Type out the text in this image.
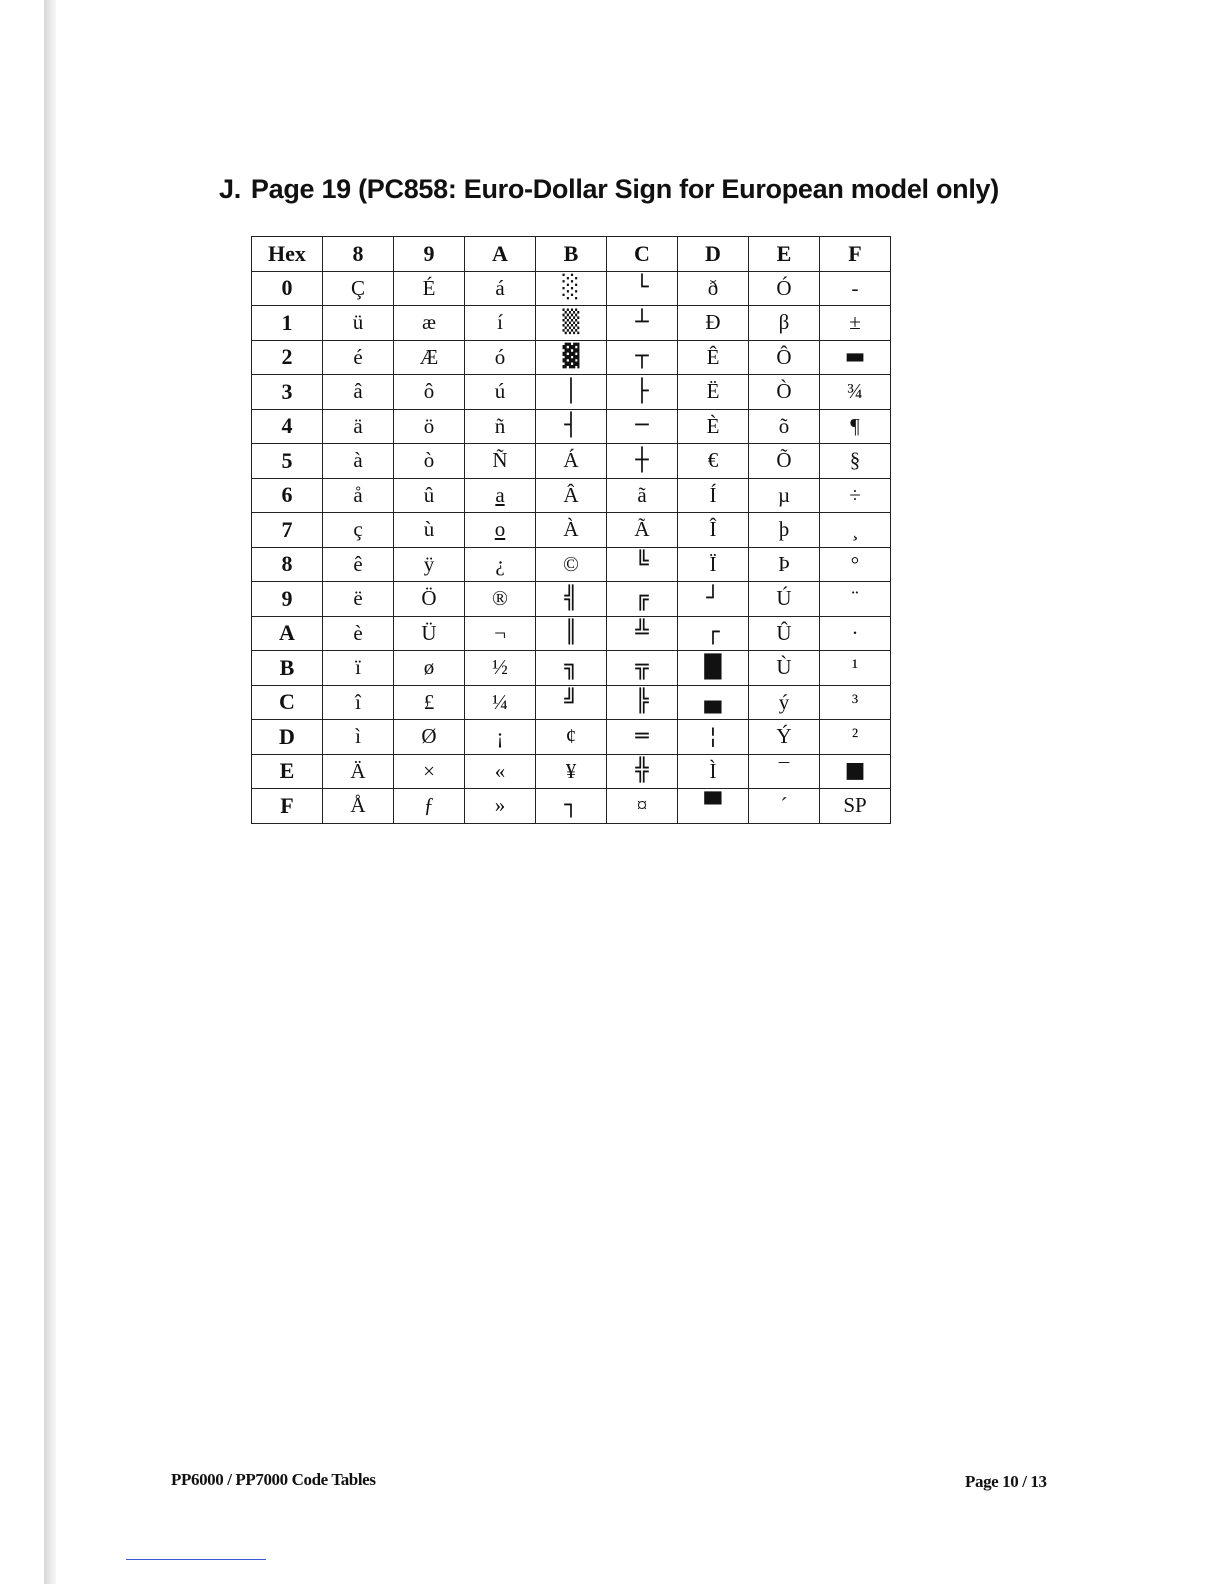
J. Page 19 (PC858: Euro-Dollar Sign for European model only)
Hex	8	9	A	B	C	D	E	F
0	Ç	É	á	░	└	ð	Ó	-
1	ü	æ	í	▒	┴	Ð	β	±
2	é	Æ	ó	▓	┬	Ê	Ô	▬
3	â	ô	ú	│	├	Ë	Ò	¾
4	ä	ö	ñ	┤	─	È	õ	¶
5	à	ò	Ñ	Á	┼	€	Õ	§
6	å	û	a	Â	ã	Í	µ	÷
7	ç	ù	o	À	Ã	Î	þ	¸
8	ê	ÿ	¿	©	╚	Ï	Þ	°
9	ë	Ö	®	╣	╔	┘	Ú	¨
A	è	Ü	¬	║	╩	┌	Û	·
B	ï	ø	½	╗	╦	█	Ù	¹
C	î	£	¼	╝	╠	▄	ý	³
D	ì	Ø	¡	¢	═	¦	Ý	²
E	Ä	×	«	¥	╬	Ì	¯	■
F	Å	ƒ	»	┐	¤	▀	´	SP
PP6000 / PP7000 Code Tables	Page 10 / 13
